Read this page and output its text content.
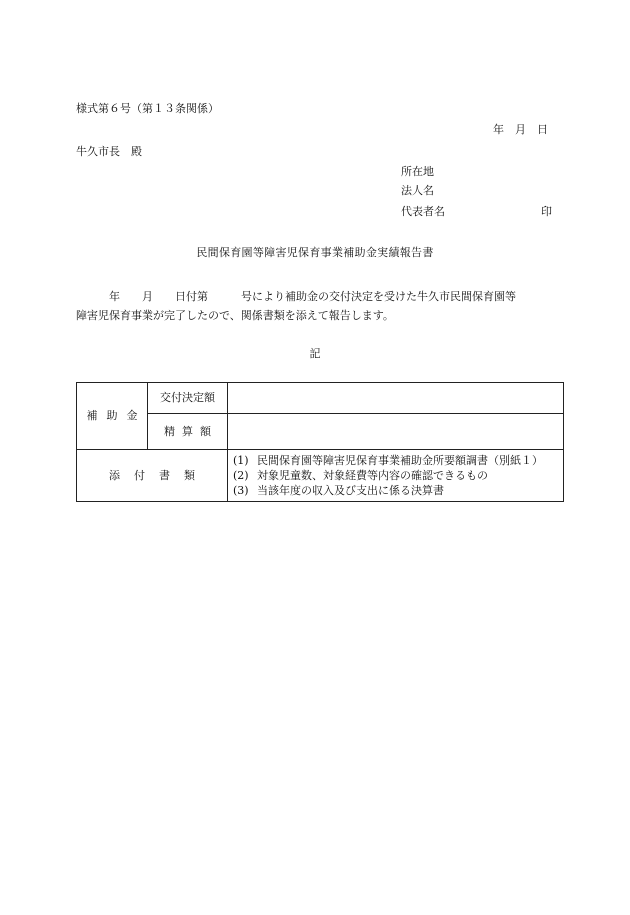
様式第６号（第１３条関係）
年　月　日
牛久市長　殿
所在地
法人名
代表者名	印
民間保育園等障害児保育事業補助金実績報告書
　　　年　　月　　日付第　　　号により補助金の交付決定を受けた牛久市民間保育園等障害児保育事業が完了したので、関係書類を添えて報告します。
記
補助金	交付決定額	
	精算額	
添付書類		(1) 民間保育園等障害児保育事業補助金所要額調書（別紙１）
(2) 対象児童数、対象経費等内容の確認できるもの
(3) 当該年度の収入及び支出に係る決算書
